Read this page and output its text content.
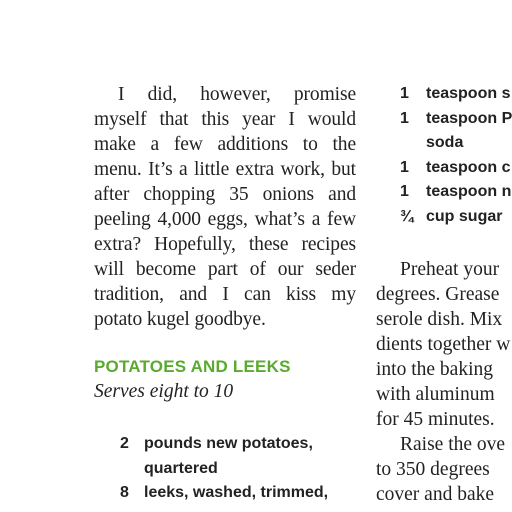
I did, however, promise myself that this year I would make a few additions to the menu. It’s a little extra work, but after chopping 35 onions and peeling 4,000 eggs, what’s a few extra? Hopefully, these recipes will become part of our seder tradition, and I can kiss my potato kugel goodbye.

POTATOES AND LEEKS

Serves eight to 10

2 pounds new potatoes,
quartered
8 leeks, washed, trimmed,
1	teaspoon s
1	teaspoon P
soda
1	teaspoon c
1	teaspoon n
¾ cup sugar

Preheat your

degrees. Grease

serole dish. Mix

dients together w

into the baking

with aluminum

for 45 minutes.

Raise the ove

to 350 degrees

cover and bake
